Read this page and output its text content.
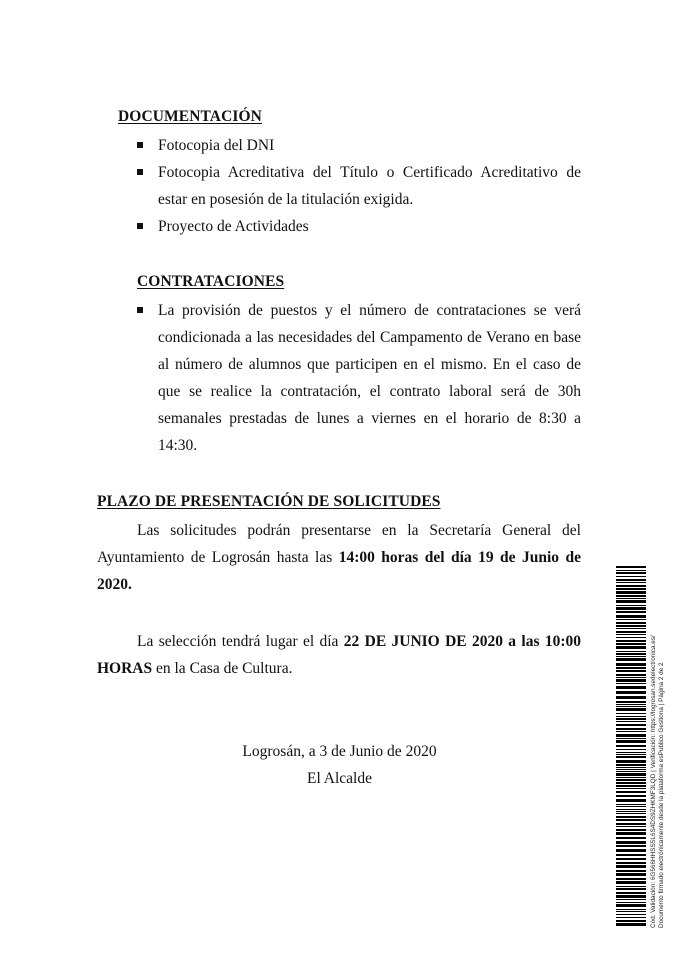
DOCUMENTACIÓN
Fotocopia del DNI
Fotocopia Acreditativa del Título o Certificado Acreditativo de estar en posesión de la titulación exigida.
Proyecto de Actividades
CONTRATACIONES
La provisión de puestos y el número de contrataciones se verá condicionada a las necesidades del Campamento de Verano en base al número de alumnos que participen en el mismo. En el caso de que se realice la contratación, el contrato laboral será de 30h semanales prestadas de lunes a viernes en el horario de 8:30 a 14:30.
PLAZO DE PRESENTACIÓN DE SOLICITUDES

Las solicitudes podrán presentarse en la Secretaría General del Ayuntamiento de Logrosán hasta las 14:00 horas del día 19 de Junio de 2020.

La selección tendrá lugar el día 22 DE JUNIO DE 2020 a las 10:00 HORAS en la Casa de Cultura.

Logrosán, a 3 de Junio de 2020
El Alcalde	Cód. Validación: 6G566HHSS5L6S4DS9ZHKMF3LQD | Verificación: https://logrosan.sedelectronica.es/ Documento firmado electrónicamente desde la plataforma esPublico Gestiona | Página 2 de 2
